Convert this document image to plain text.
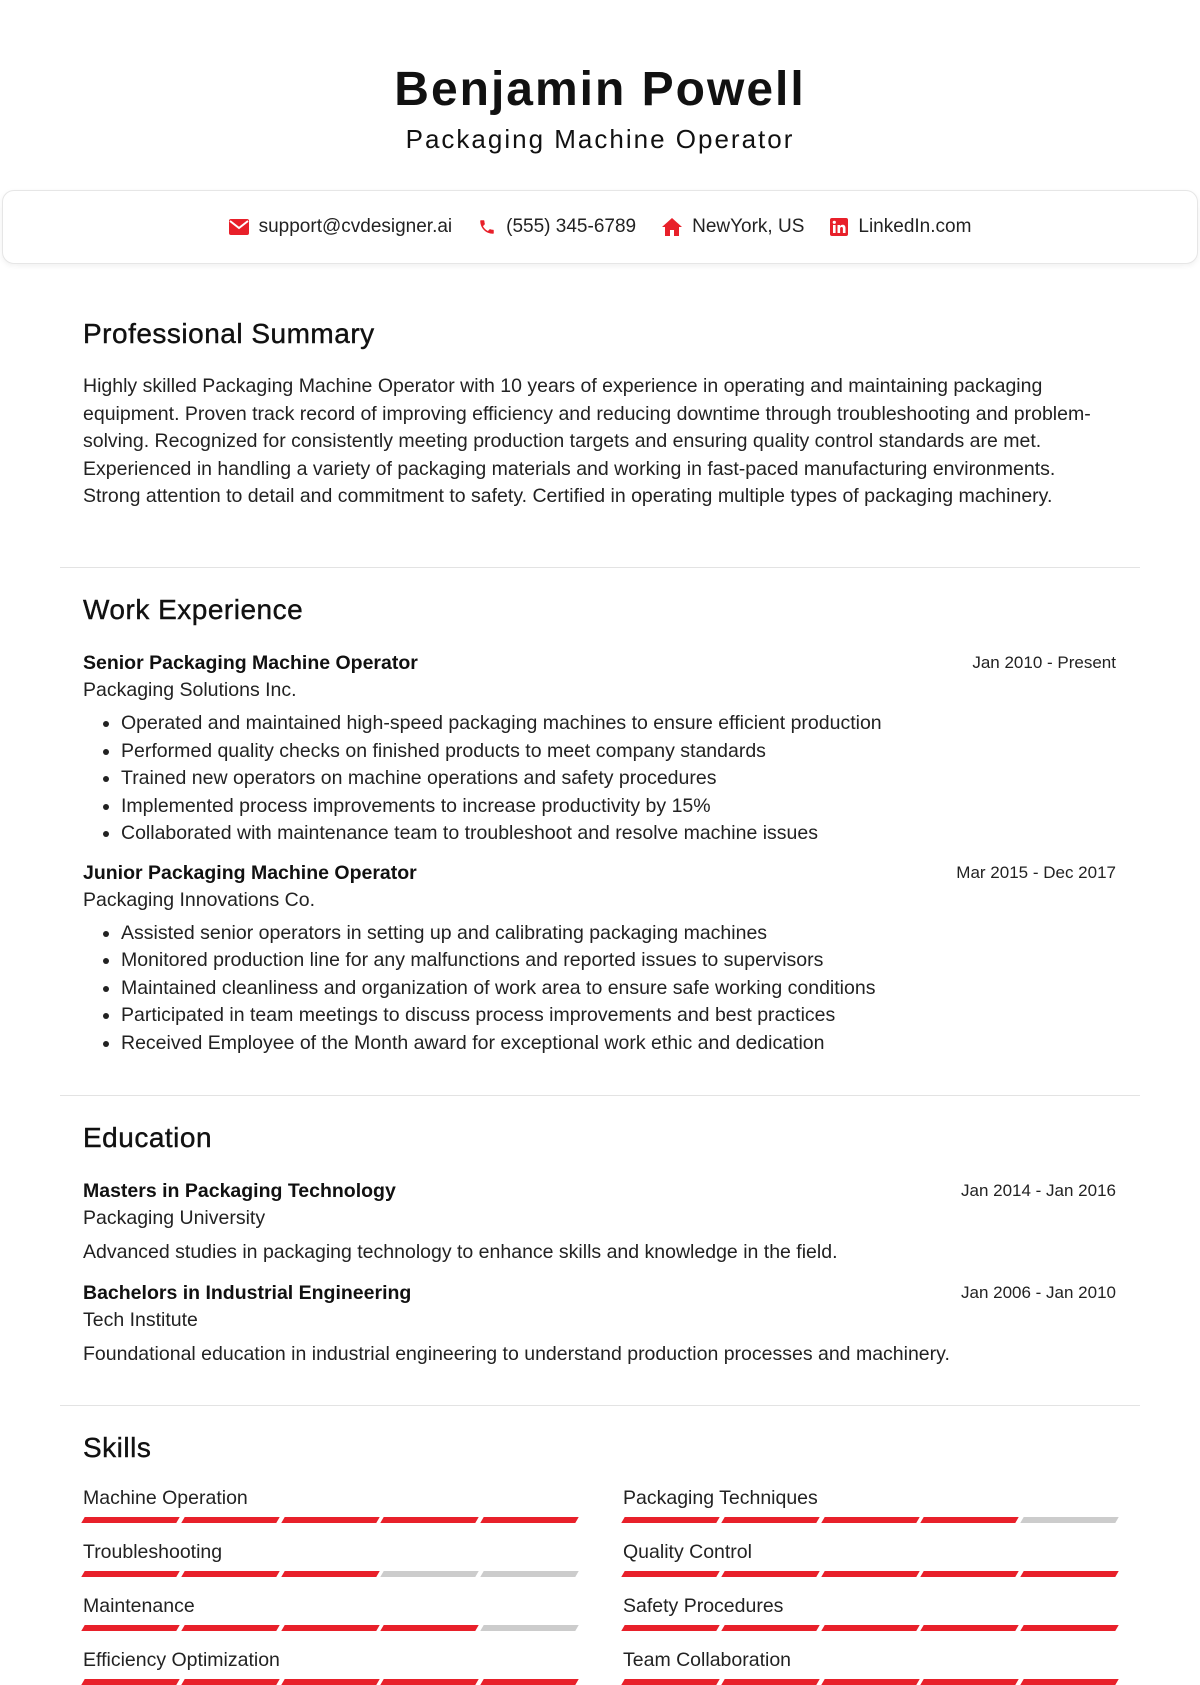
Benjamin Powell
Packaging Machine Operator
support@cvdesigner.ai	(555) 345-6789	NewYork, US	LinkedIn.com
Professional Summary

Highly skilled Packaging Machine Operator with 10 years of experience in operating and maintaining packaging equipment. Proven track record of improving efficiency and reducing downtime through troubleshooting and problem-solving. Recognized for consistently meeting production targets and ensuring quality control standards are met. Experienced in handling a variety of packaging materials and working in fast-paced manufacturing environments. Strong attention to detail and commitment to safety. Certified in operating multiple types of packaging machinery.

Work Experience
Senior Packaging Machine Operator	Jan 2010 - Present
Packaging Solutions Inc.
• Operated and maintained high-speed packaging machines to ensure efficient production
• Performed quality checks on finished products to meet company standards
• Trained new operators on machine operations and safety procedures
• Implemented process improvements to increase productivity by 15%
• Collaborated with maintenance team to troubleshoot and resolve machine issues
Junior Packaging Machine Operator	Mar 2015 - Dec 2017
Packaging Innovations Co.
• Assisted senior operators in setting up and calibrating packaging machines
• Monitored production line for any malfunctions and reported issues to supervisors
• Maintained cleanliness and organization of work area to ensure safe working conditions
• Participated in team meetings to discuss process improvements and best practices
• Received Employee of the Month award for exceptional work ethic and dedication
Education
Masters in Packaging Technology	Jan 2014 - Jan 2016
Packaging University
Advanced studies in packaging technology to enhance skills and knowledge in the field.
Bachelors in Industrial Engineering	Jan 2006 - Jan 2010
Tech Institute
Foundational education in industrial engineering to understand production processes and machinery.
Skills
Machine Operation	Packaging Techniques
Troubleshooting	Quality Control
Maintenance	Safety Procedures
Efficiency Optimization	Team Collaboration
